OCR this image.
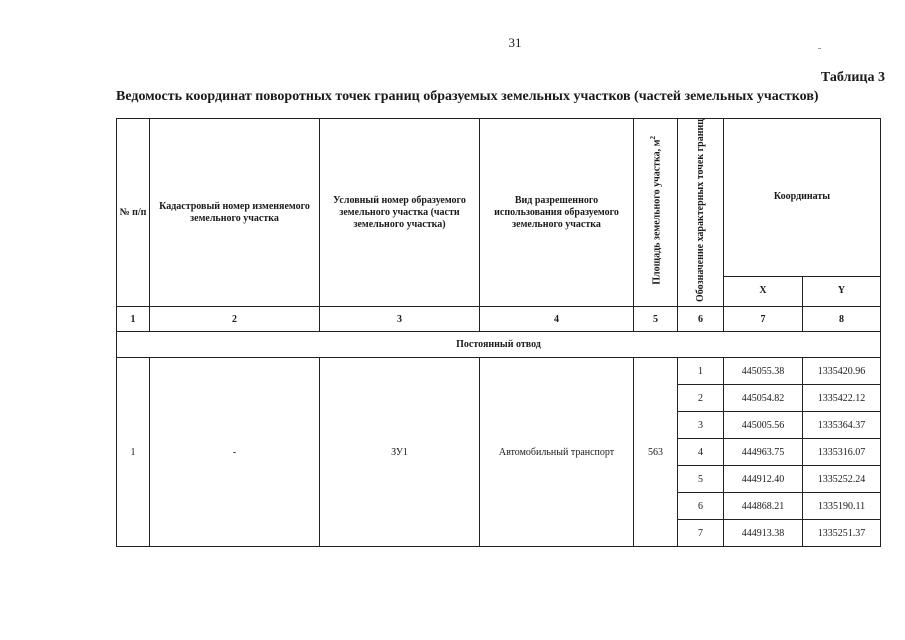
31
Таблица 3
Ведомость координат поворотных точек границ образуемых земельных участков (частей земельных участков)
№ п/п	Кадастровый номер изменяемого земельного участка	Условный номер образуемого земельного участка (части земельного участка)	Вид разрешенного использования образуемого земельного участка	Площадь земельного участка, $м^2$	Обозначение характерных точек границ	Координаты	
						X	Y
1	2	3	4	5	6	7	8
Постоянный отвод							
1	-	ЗУ1	Автомобильный транспорт	563	1	445055.38	1335420.96
					2	445054.82	1335422.12
					3	445005.56	1335364.37
					4	444963.75	1335316.07
					5	444912.40	1335252.24
					6	444868.21	1335190.11
					7	444913.38	1335251.37
